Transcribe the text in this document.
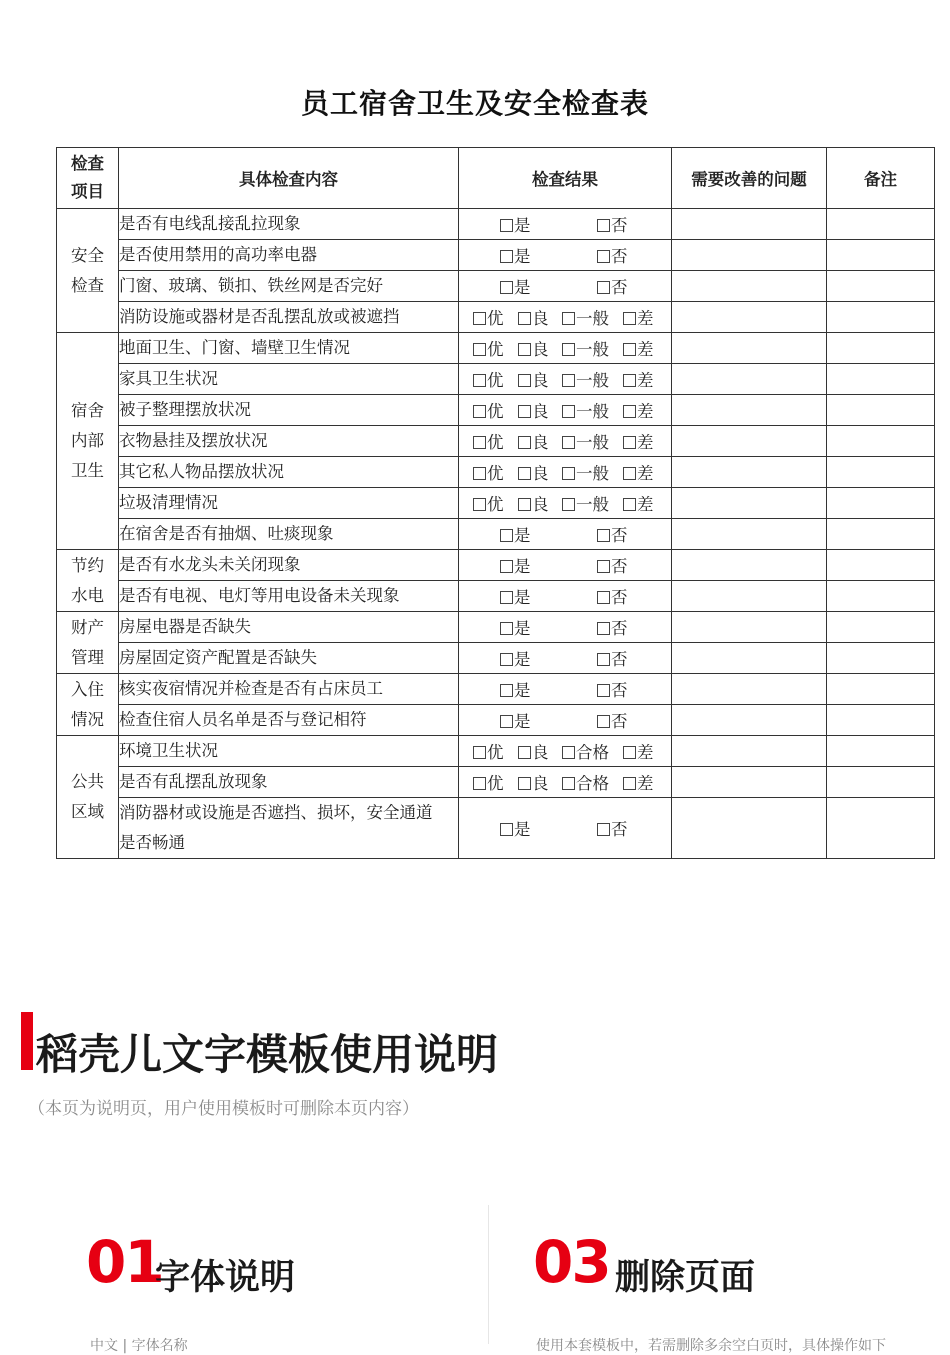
员工宿舍卫生及安全检查表
检查
项目	具体检查内容	检查结果	需要改善的问题	备注
安全
检查	是否有电线乱接乱拉现象	是 否		

	是否使用禁用的高功率电器	是 否		

	门窗、玻璃、锁扣、铁丝网是否完好	是 否		

	消防设施或器材是否乱摆乱放或被遮挡	优 良 一般 差		

宿舍
内部
卫生	地面卫生、门窗、墙壁卫生情况	优 良 一般 差		

	家具卫生状况	优 良 一般 差		

	被子整理摆放状况	优 良 一般 差		

	衣物悬挂及摆放状况	优 良 一般 差		

	其它私人物品摆放状况	优 良 一般 差		

	垃圾清理情况	优 良 一般 差		

	在宿舍是否有抽烟、吐痰现象	是 否		

节约
水电	是否有水龙头未关闭现象	是 否		

	是否有电视、电灯等用电设备未关现象	是 否		

财产
管理	房屋电器是否缺失	是 否		

	房屋固定资产配置是否缺失	是 否		

入住
情况	核实夜宿情况并检查是否有占床员工	是 否		

	检查住宿人员名单是否与登记相符	是 否		

公共
区域	环境卫生状况	优 良 合格 差		

	是否有乱摆乱放现象	优 良 合格 差		

	消防器材或设施是否遮挡、损坏，安全通道是否畅通	是 否		

稻壳儿文字模板使用说明
（本页为说明页，用户使用模板时可删除本页内容）
01
字体说明
中文 | 字体名称
03 删除页面
使用本套模板中，若需删除多余空白页时，具体操作如下
